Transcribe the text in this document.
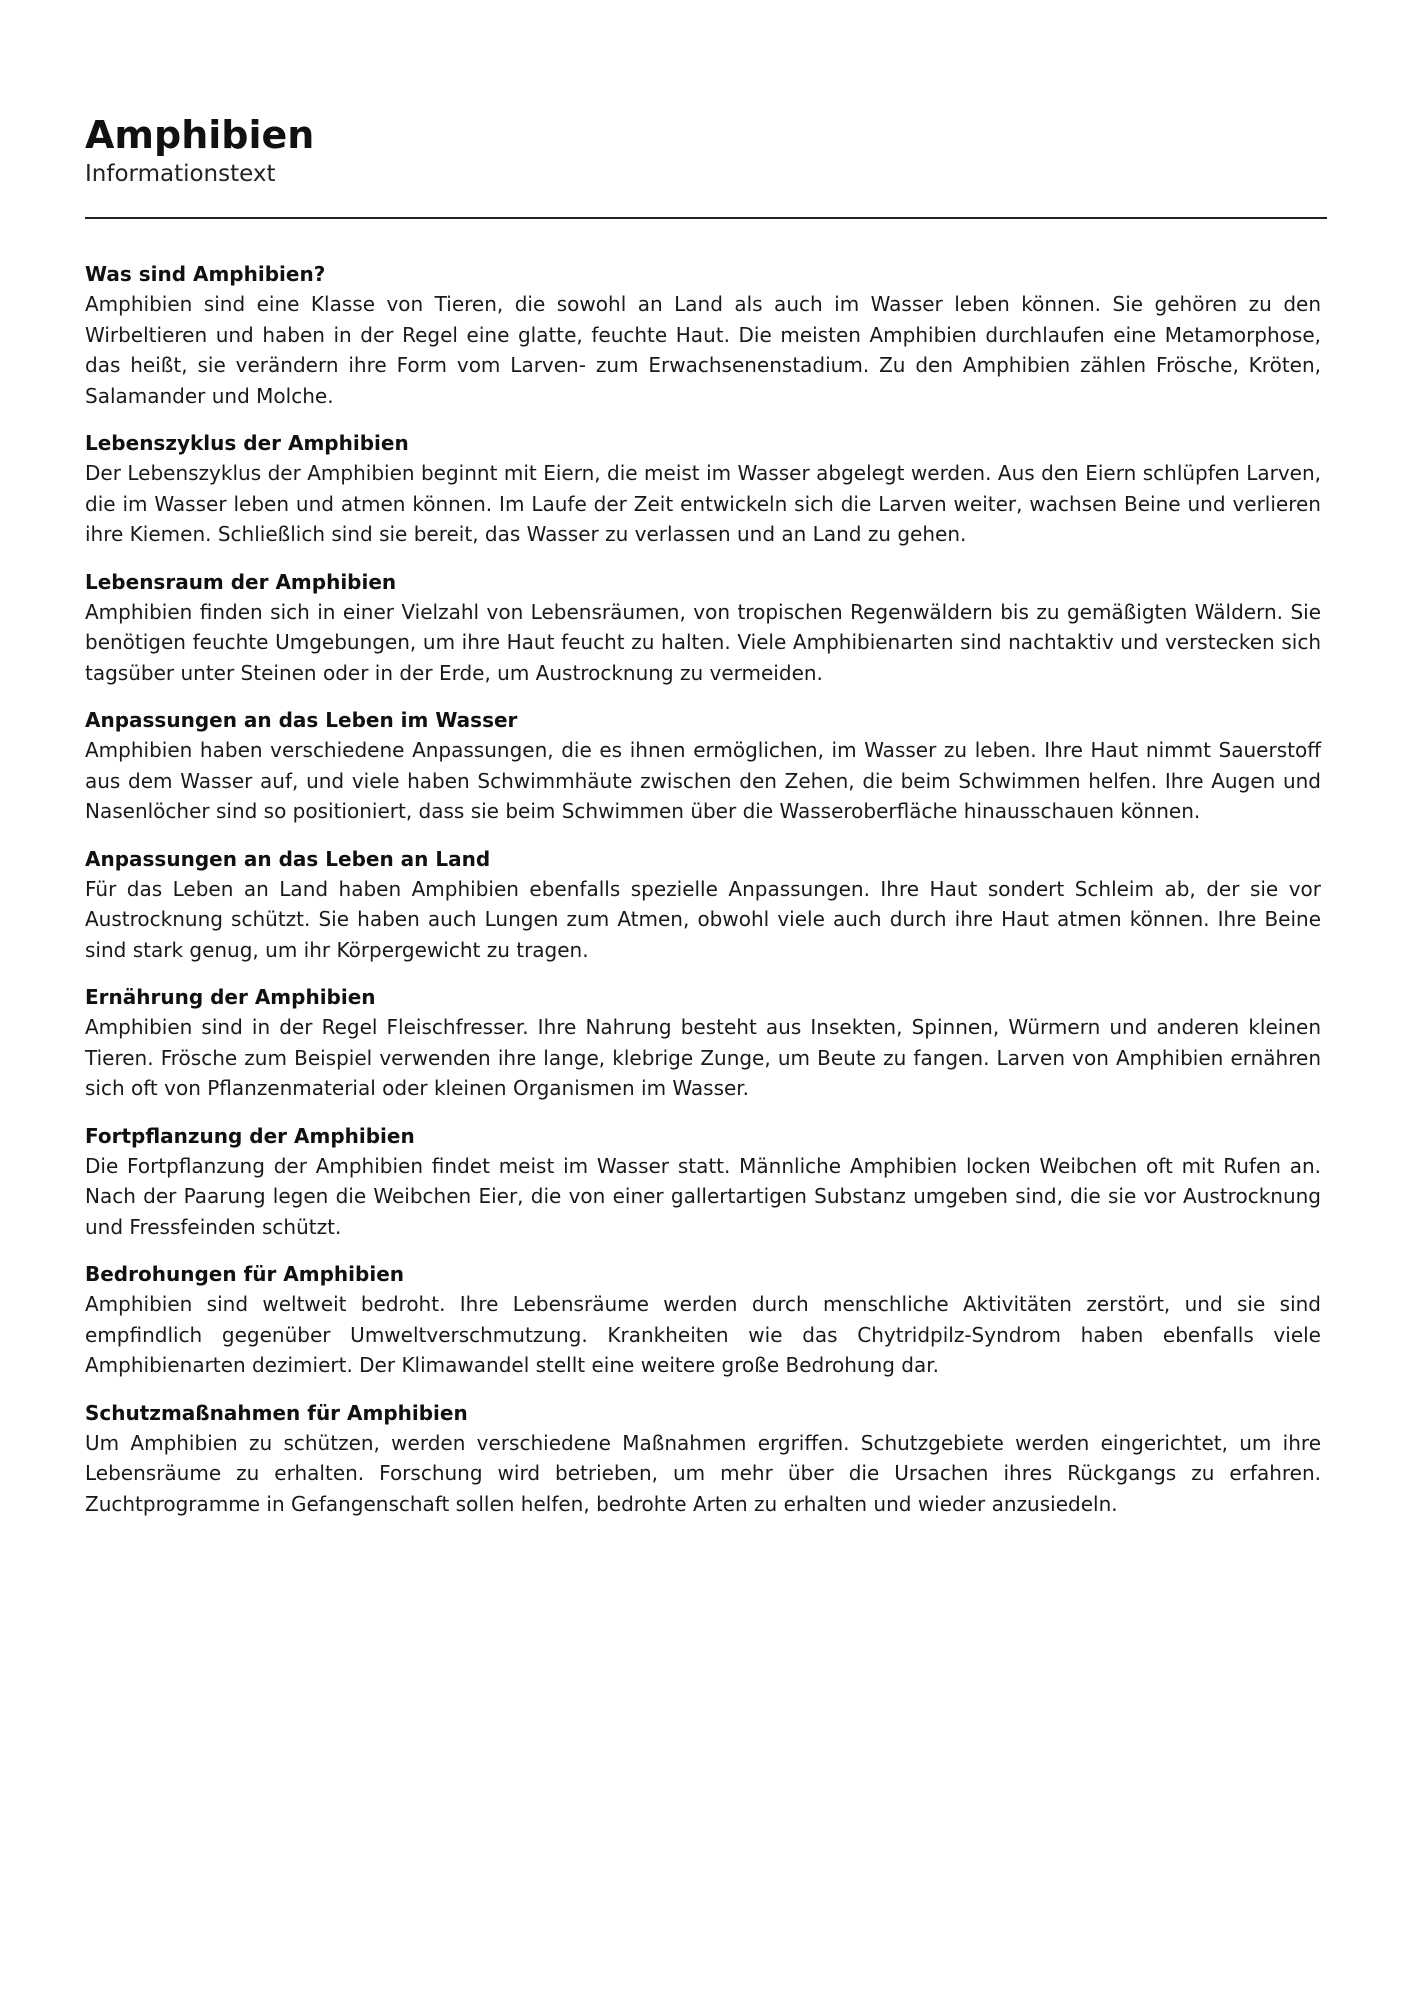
Amphibien
Informationstext
Was sind Amphibien?

Amphibien sind eine Klasse von Tieren, die sowohl an Land als auch im Wasser leben können. Sie gehören zu den Wirbeltieren und haben in der Regel eine glatte, feuchte Haut. Die meisten Amphibien durchlaufen eine Metamorphose, das heißt, sie verändern ihre Form vom Larven- zum Erwachsenenstadium. Zu den Amphibien zählen Frösche, Kröten, Salamander und Molche.

Lebenszyklus der Amphibien

Der Lebenszyklus der Amphibien beginnt mit Eiern, die meist im Wasser abgelegt werden. Aus den Eiern schlüpfen Larven, die im Wasser leben und atmen können. Im Laufe der Zeit entwickeln sich die Larven weiter, wachsen Beine und verlieren ihre Kiemen. Schließlich sind sie bereit, das Wasser zu verlassen und an Land zu gehen.

Lebensraum der Amphibien

Amphibien finden sich in einer Vielzahl von Lebensräumen, von tropischen Regenwäldern bis zu gemäßigten Wäldern. Sie benötigen feuchte Umgebungen, um ihre Haut feucht zu halten. Viele Amphibienarten sind nachtaktiv und verstecken sich tagsüber unter Steinen oder in der Erde, um Austrocknung zu vermeiden.

Anpassungen an das Leben im Wasser

Amphibien haben verschiedene Anpassungen, die es ihnen ermöglichen, im Wasser zu leben. Ihre Haut nimmt Sauerstoff aus dem Wasser auf, und viele haben Schwimmhäute zwischen den Zehen, die beim Schwimmen helfen. Ihre Augen und Nasenlöcher sind so positioniert, dass sie beim Schwimmen über die Wasseroberfläche hinausschauen können.

Anpassungen an das Leben an Land

Für das Leben an Land haben Amphibien ebenfalls spezielle Anpassungen. Ihre Haut sondert Schleim ab, der sie vor Austrocknung schützt. Sie haben auch Lungen zum Atmen, obwohl viele auch durch ihre Haut atmen können. Ihre Beine sind stark genug, um ihr Körpergewicht zu tragen.

Ernährung der Amphibien

Amphibien sind in der Regel Fleischfresser. Ihre Nahrung besteht aus Insekten, Spinnen, Würmern und anderen kleinen Tieren. Frösche zum Beispiel verwenden ihre lange, klebrige Zunge, um Beute zu fangen. Larven von Amphibien ernähren sich oft von Pflanzenmaterial oder kleinen Organismen im Wasser.

Fortpflanzung der Amphibien

Die Fortpflanzung der Amphibien findet meist im Wasser statt. Männliche Amphibien locken Weibchen oft mit Rufen an. Nach der Paarung legen die Weibchen Eier, die von einer gallertartigen Substanz umgeben sind, die sie vor Austrocknung und Fressfeinden schützt.

Bedrohungen für Amphibien

Amphibien sind weltweit bedroht. Ihre Lebensräume werden durch menschliche Aktivitäten zerstört, und sie sind empfindlich gegenüber Umweltverschmutzung. Krankheiten wie das Chytridpilz-Syndrom haben ebenfalls viele Amphibienarten dezimiert. Der Klimawandel stellt eine weitere große Bedrohung dar.

Schutzmaßnahmen für Amphibien

Um Amphibien zu schützen, werden verschiedene Maßnahmen ergriffen. Schutzgebiete werden eingerichtet, um ihre Lebensräume zu erhalten. Forschung wird betrieben, um mehr über die Ursachen ihres Rückgangs zu erfahren. Zuchtprogramme in Gefangenschaft sollen helfen, bedrohte Arten zu erhalten und wieder anzusiedeln.
